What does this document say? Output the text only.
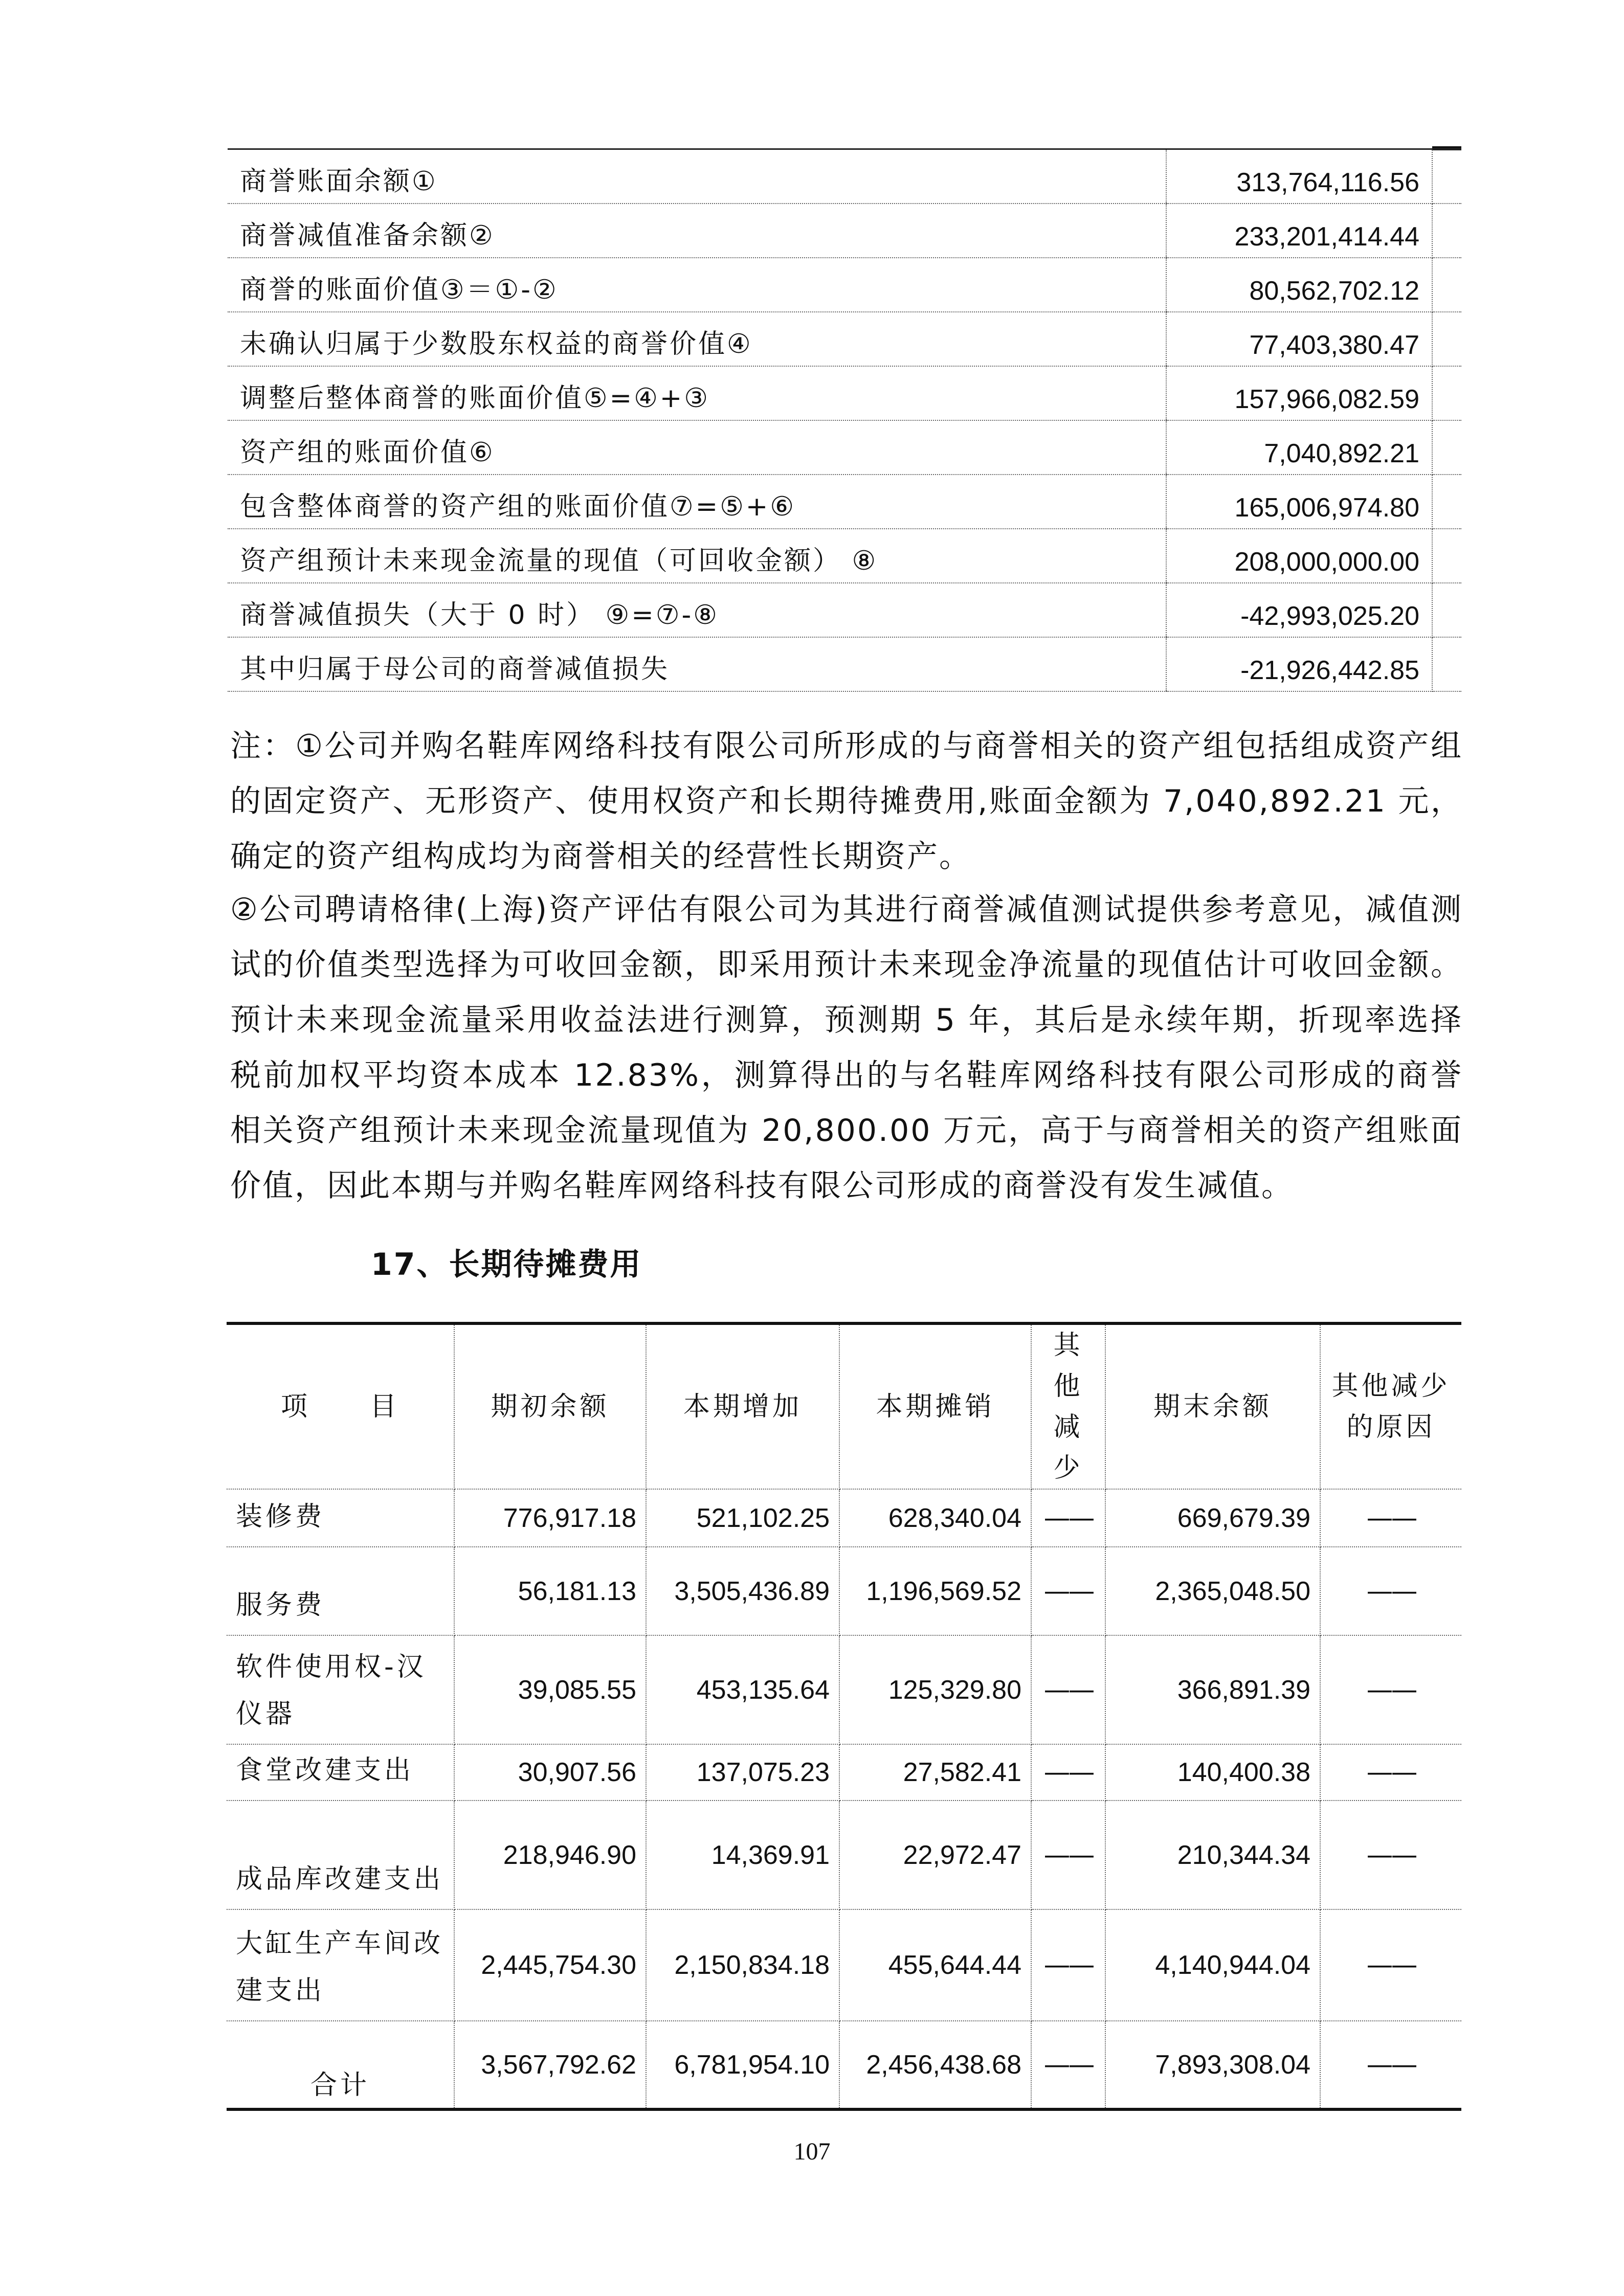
商誉账面余额①	313,764,116.56	
商誉减值准备余额②	233,201,414.44	
商誉的账面价值③＝①-②	80,562,702.12	
未确认归属于少数股东权益的商誉价值④	77,403,380.47	
调整后整体商誉的账面价值⑤=④+③	157,966,082.59	
资产组的账面价值⑥	7,040,892.21	
包含整体商誉的资产组的账面价值⑦=⑤+⑥	165,006,974.80	
资产组预计未来现金流量的现值（可回收金额） ⑧	208,000,000.00	
商誉减值损失（大于 0 时） ⑨=⑦-⑧	-42,993,025.20	
其中归属于母公司的商誉减值损失	-21,926,442.85	

注：①公司并购名鞋库网络科技有限公司所形成的与商誉相关的资产组包括组成资产组的固定资产、无形资产、使用权资产和长期待摊费用,账面金额为 7,040,892.21 元，确定的资产组构成均为商誉相关的经营性长期资产。

②公司聘请格律(上海)资产评估有限公司为其进行商誉减值测试提供参考意见，减值测试的价值类型选择为可收回金额，即采用预计未来现金净流量的现值估计可收回金额。预计未来现金流量采用收益法进行测算，预测期 5 年，其后是永续年期，折现率选择税前加权平均资本成本 12.83%，测算得出的与名鞋库网络科技有限公司形成的商誉相关资产组预计未来现金流量现值为 20,800.00 万元，高于与商誉相关的资产组账面价值，因此本期与并购名鞋库网络科技有限公司形成的商誉没有发生减值。

17、长期待摊费用
项　　目	期初余额	本期增加	本期摊销	其他减少	期末余额	其他减少的原因
装修费	776,917.18	521,102.25	628,340.04	——	669,679.39	——
服务费	56,181.13	3,505,436.89	1,196,569.52	——	2,365,048.50	——
软件使用权-汉仪器	39,085.55	453,135.64	125,329.80	——	366,891.39	——
食堂改建支出	30,907.56	137,075.23	27,582.41	——	140,400.38	——
成品库改建支出	218,946.90	14,369.91	22,972.47	——	210,344.34	——
大缸生产车间改建支出	2,445,754.30	2,150,834.18	455,644.44	——	4,140,944.04	——
合计	3,567,792.62	6,781,954.10	2,456,438.68	——	7,893,308.04	——
107
